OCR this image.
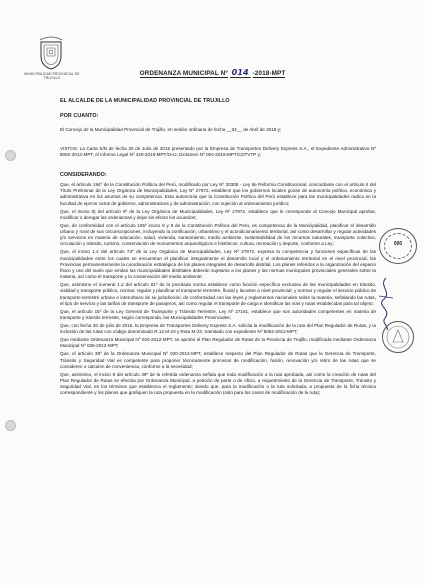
MUNICIPALIDAD PROVINCIAL DE TRUJILLO
ORDENANZA MUNICIPAL Nº 014 -2018-MPT
EL ALCALDE DE LA MUNICIPALIDAD PROVINCIAL DE TRUJILLO
POR CUANTO:
El Concejo de la Municipalidad Provincial de Trujillo, en sesión ordinaria de fecha __04__ de Abril de 2018 y;
VISTOS: La Carta S/N de fecha 30 de Julio de 2015 presentado por la Empresa de Transportes Delivery Express S.A., el Expediente Administrativo Nº 8052-2012-MPT, el Informe Legal Nº 420-2018-MPT/OAJ, Dictamen Nº 004-2018-MPT/CDTVTP y;
CONSIDERANDO:

Que, el artículo 194º de la Constitución Política del Perú, modificado por Ley Nº 30305 - Ley de Reforma Constitucional, concordante con el artículo II del Título Preliminar de la Ley Orgánica de Municipalidades, Ley Nº 27972, establece que los gobiernos locales gozan de autonomía política, económica y administrativa en los asuntos de su competencia. Esta autonomía que la Constitución Política del Perú establece para las municipalidades radica en la facultad de ejercer actos de gobierno, administrativos y de administración, con sujeción al ordenamiento jurídico;

Que, el inciso 8) del artículo 9º de la Ley Orgánica de Municipalidades, Ley Nº 27972, establece que le corresponde al Concejo Municipal aprobar, modificar o derogar las ordenanzas y dejar sin efecto los acuerdos;

Que, de conformidad con el artículo 195º inciso 6 y 8 de la Constitución Política del Perú, es competencia de la Municipalidad, planificar el desarrollo urbano y rural de sus circunscripciones, incluyendo la zonificación, urbanismo y el acondicionamiento territorial, así como desarrollar y regular actividades y/o servicios en materia de educación, salud, vivienda, saneamiento, medio ambiente, sustentabilidad de los recursos naturales, transporte colectivo, circulación y tránsito, turismo, conservación de monumentos arqueológicos e históricos, cultura, recreación y deporte, conforme a Ley;

Que, el inciso 1.4 del artículo 73º de la Ley Orgánica de Municipalidades, Ley Nº 27972, expresa la competencia y funciones específicas de las municipalidades entre los cuales se encuentran el planificar integralmente el desarrollo local y el ordenamiento territorial en el nivel provincial, las Provincias permanentemente la coordinación estratégica de los planes integrales de desarrollo distrital. Los planes referidos a la organización del espacio físico y uso del suelo que emitan las municipalidades distritales deberán sujetarse a los planes y las normas municipales provinciales generales sobre la materia, así como el transporte y la conservación del medio ambiente;

Que, asimismo el numeral 1.2 del artículo 81º de la precitada norma establece como función específica exclusiva de las municipalidades en tránsito, vialidad y transporte público, normar, regular y planificar el transporte terrestre, fluvial y lacustre a nivel provincial; y normar y regular el servicio público de transporte terrestre urbano e interurbano de su jurisdicción, de conformidad con las leyes y reglamentos nacionales sobre la materia, señalando las rutas, el tipo de servicio y las tarifas de transporte de pasajeros, así como regular el transporte de carga e identificar las vías y rutas establecidas para tal objeto;

Que, el artículo 15º de la Ley General de Transporte y Tránsito Terrestre, Ley Nº 27181, establece que son autoridades competentes en materia de transporte y tránsito terrestre, según corresponda, las Municipalidades Provinciales;

Que, con fecha 30 de julio de 2015, la Empresa de Transportes Delivery Express S.A. solicita la modificación de la ruta del Plan Regulador de Rutas, y la inclusión de las rutas con código denominado R.12.M-23 y Ruta M-22, tramitado con expediente Nº 8052-2012-MPT;

Que mediante Ordenanza Municipal Nº 020-2012-MPT, se aprobó el Plan Regulador de Rutas de la Provincia de Trujillo, modificada mediante Ordenanza Municipal Nº 028-2012-MPT;

Que, el artículo 39º de la Ordenanza Municipal Nº 020-2012-MPT, establece respecto del Plan Regulador de Rutas que la Gerencia de Transporte, Tránsito y Seguridad Vial es competente para proponer técnicamente procesos de modificación, fusión, renovación y/o retiro de las rutas que se consideren o calculen de conveniencia, conforme a la necesidad;

Que, asimismo, el inciso 8 del artículo 39º de la referida ordenanza señala que toda modificación a la ruta aprobada, así como la creación de rutas del Plan Regulador de Rutas se efectúa por Ordenanza Municipal, a petición de parte o de oficio, a requerimiento de la Gerencia de Transporte, Tránsito y Seguridad Vial, en los términos que establezca el reglamento; siendo que, para la modificación o la ruta solicitada, a propuesta de la ficha técnica correspondiente y los planos que grafiquen la ruta propuesta en la modificación (solo para los casos de modificación de la ruta);

000
